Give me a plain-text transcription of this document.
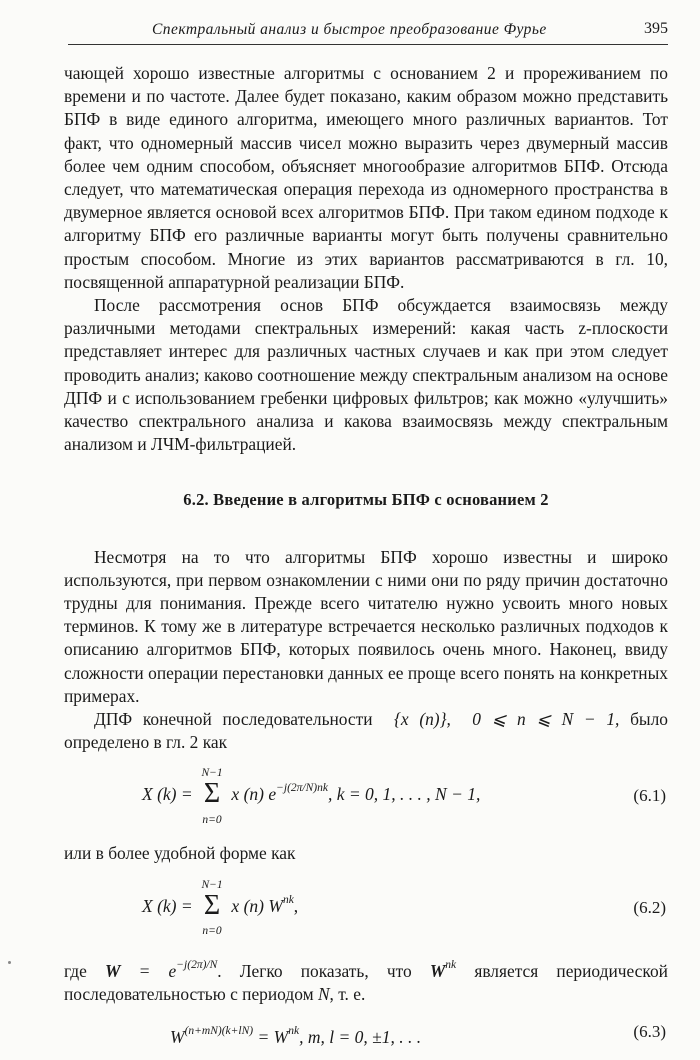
Спектральный анализ и быстрое преобразование Фурье	395

чающей хорошо известные алгоритмы с основанием 2 и прореживанием по времени и по частоте. Далее будет показано, каким образом можно представить БПФ в виде единого алгоритма, имеющего много различных вариантов. Тот факт, что одномерный массив чисел можно выразить через двумерный массив более чем одним способом, объясняет многообразие алгоритмов БПФ. Отсюда следует, что математическая операция перехода из одномерного пространства в двумерное является основой всех алгоритмов БПФ. При таком едином подходе к алгоритму БПФ его различные варианты могут быть получены сравнительно простым способом. Многие из этих вариантов рассматриваются в гл. 10, посвященной аппаратурной реализации БПФ.

После рассмотрения основ БПФ обсуждается взаимосвязь между различными методами спектральных измерений: какая часть z-плоскости представляет интерес для различных частных случаев и как при этом следует проводить анализ; каково соотношение между спектральным анализом на основе ДПФ и с использованием гребенки цифровых фильтров; как можно «улучшить» качество спектрального анализа и какова взаимосвязь между спектральным анализом и ЛЧМ-фильтрацией.

6.2. Введение в алгоритмы БПФ с основанием 2

Несмотря на то что алгоритмы БПФ хорошо известны и широко используются, при первом ознакомлении с ними они по ряду причин достаточно трудны для понимания. Прежде всего читателю нужно усвоить много новых терминов. К тому же в литературе встречается несколько различных подходов к описанию алгоритмов БПФ, которых появилось очень много. Наконец, ввиду сложности операции перестановки данных ее проще всего понять на конкретных примерах.

ДПФ конечной последовательности {x (n)}, 0 ⩽ n ⩽ N − 1, было определено в гл. 2 как

X (k) =
N−1
Σ
n=0
x (n) $e^{-j(2\pi/N)nk}$, k = 0, 1, . . . , N − 1,	(6.1)

или в более удобной форме как

X (k) =
N−1
Σ
n=0
x (n) $W^{nk}$,	(6.2)

где $W = e^{-j(2\pi)/N}$. Легко показать, что $W^{nk}$ является периодической последовательностью с периодом N, т. е.

$W^{(n+mN)(k+lN)} = W^{nk}$, m, l = 0, ±1, . . .	(6.3)
